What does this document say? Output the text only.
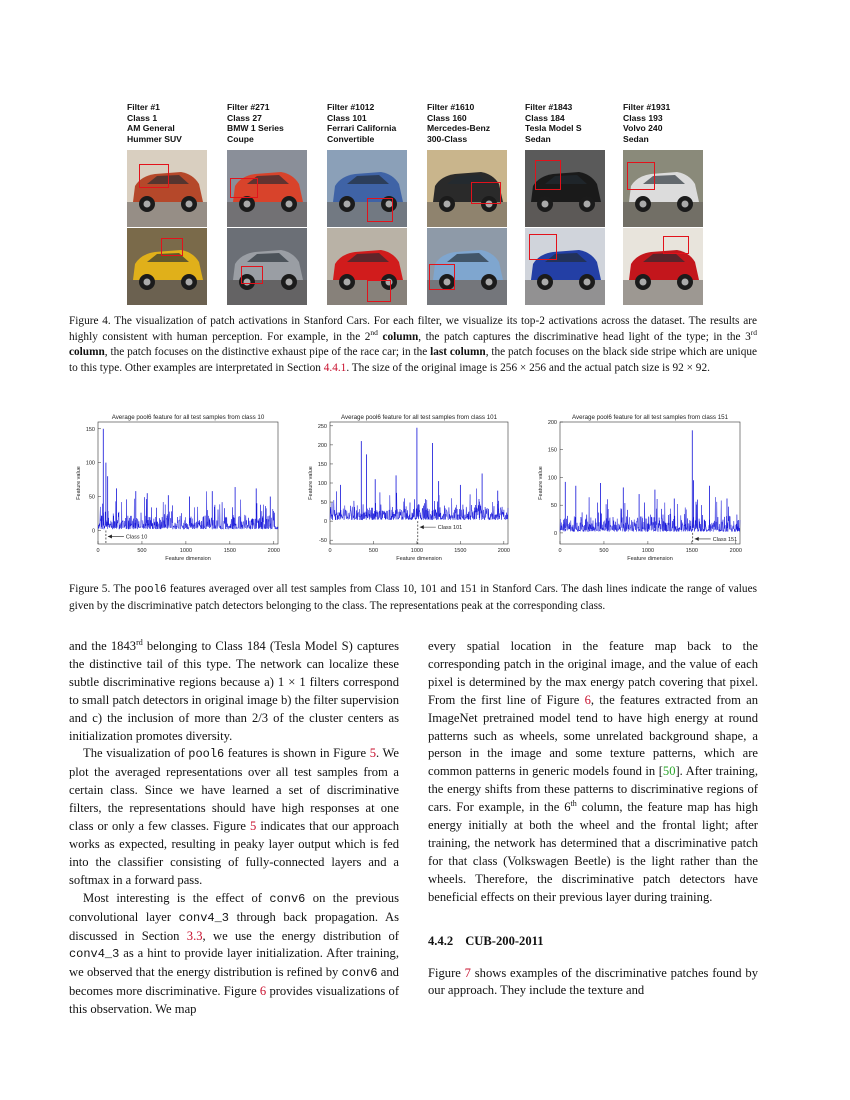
Filter #1
Class 1
AM General
Hummer SUV
Filter #271
Class 27
BMW 1 Series
Coupe
Filter #1012
Class 101
Ferrari California
Convertible
Filter #1610
Class 160
Mercedes-Benz
300-Class
Filter #1843
Class 184
Tesla Model S
Sedan
Filter #1931
Class 193
Volvo 240
Sedan
Figure 4. The visualization of patch activations in Stanford Cars. For each filter, we visualize its top-2 activations across the dataset. The results are highly consistent with human perception. For example, in the 2nd column, the patch captures the discriminative head light of the type; in the 3rd column, the patch focuses on the distinctive exhaust pipe of the race car; in the last column, the patch focuses on the black side stripe which are unique to this type. Other examples are interpretated in Section 4.4.1. The size of the original image is 256 × 256 and the actual patch size is 92 × 92.
Average pool6 feature for all test samples from class 10
0	500	1000	1500	2000
0
50
100
150
Feature dimension
Feature value
Class 10
Average pool6 feature for all test samples from class 101
0	500	1000	1500	2000
-50
0
50
100
150
200
250
Feature dimension
Feature value
Class 101
Average pool6 feature for all test samples from class 151
0	500	1000	1500	2000
0
50
100
150
200
Feature dimension
Feature value
Class 151
Figure 5. The pool6 features averaged over all test samples from Class 10, 101 and 151 in Stanford Cars. The dash lines indicate the range of values given by the discriminative patch detectors belonging to the class. The representations peak at the corresponding class.

and the 1843rd belonging to Class 184 (Tesla Model S) captures the distinctive tail of this type. The network can localize these subtle discriminative regions because a) 1 × 1 filters correspond to small patch detectors in original image b) the filter supervision and c) the inclusion of more than 2/3 of the cluster centers as initialization promotes diversity.

The visualization of pool6 features is shown in Figure 5. We plot the averaged representations over all test samples from a certain class. Since we have learned a set of discriminative filters, the representations should have high responses at one class or only a few classes. Figure 5 indicates that our approach works as expected, resulting in peaky layer output which is fed into the classifier consisting of fully-connected layers and a softmax in a forward pass.

Most interesting is the effect of conv6 on the previous convolutional layer conv4_3 through back propagation. As discussed in Section 3.3, we use the energy distribution of conv4_3 as a hint to provide layer initialization. After training, we observed that the energy distribution is refined by conv6 and becomes more discriminative. Figure 6 provides visualizations of this observation. We map

every spatial location in the feature map back to the corresponding patch in the original image, and the value of each pixel is determined by the max energy patch covering that pixel. From the first line of Figure 6, the features extracted from an ImageNet pretrained model tend to have high energy at round patterns such as wheels, some unrelated background shape, a person in the image and some texture patterns, which are common patterns in generic models found in [50]. After training, the energy shifts from these patterns to discriminative regions of cars. For example, in the 6th column, the feature map has high energy initially at both the wheel and the frontal light; after training, the network has determined that a discriminative patch for that class (Volkswagen Beetle) is the light rather than the wheels. Therefore, the discriminative patch detectors have beneficial effects on their previous layer during training.

4.4.2 CUB-200-2011

Figure 7 shows examples of the discriminative patches found by our approach. They include the texture and
